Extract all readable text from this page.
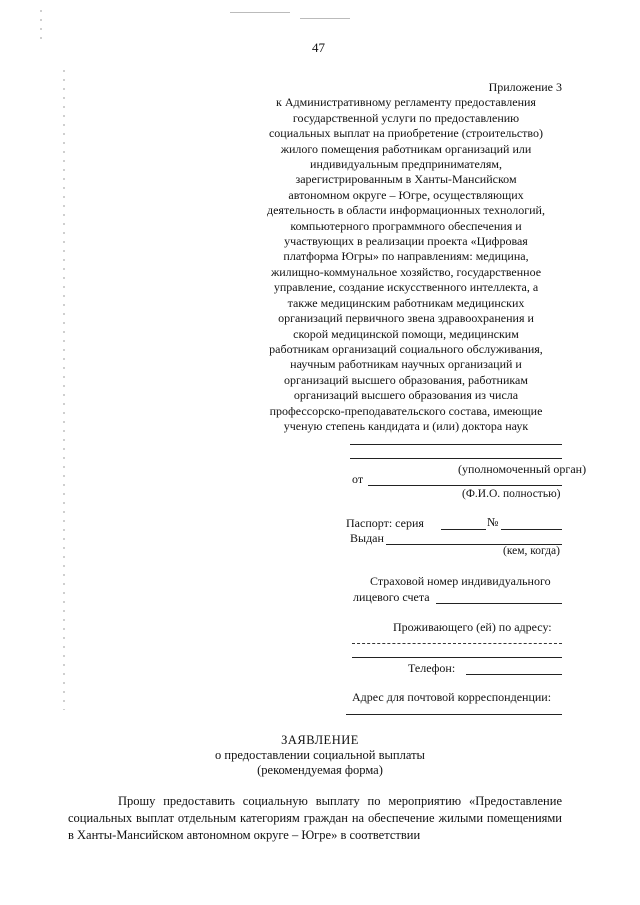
47
Приложение 3
к Административному регламенту предоставления
государственной услуги по предоставлению
социальных выплат на приобретение (строительство)
жилого помещения работникам организаций или
индивидуальным предпринимателям,
зарегистрированным в Ханты-Мансийском
автономном округе – Югре, осуществляющих
деятельность в области информационных технологий,
компьютерного программного обеспечения и
участвующих в реализации проекта «Цифровая
платформа Югры» по направлениям: медицина,
жилищно-коммунальное хозяйство, государственное
управление, создание искусственного интеллекта, а
также медицинским работникам медицинских
организаций первичного звена здравоохранения и
скорой медицинской помощи, медицинским
работникам организаций социального обслуживания,
научным работникам научных организаций и
организаций высшего образования, работникам
организаций высшего образования из числа
профессорско-преподавательского состава, имеющие
ученую степень кандидата и (или) доктора наук
(уполномоченный орган)
от
(Ф.И.О. полностью)
Паспорт: серия	№
Выдан
(кем, когда)
Страховой номер индивидуального
лицевого счета
Проживающего (ей) по адресу:
Телефон:
Адрес для почтовой корреспонденции:
ЗАЯВЛЕНИЕ
о предоставлении социальной выплаты
(рекомендуемая форма)
Прошу предоставить социальную выплату по мероприятию «Предоставление социальных выплат отдельным категориям граждан на обеспечение жилыми помещениями в Ханты-Мансийском автономном округе – Югре» в соответствии
